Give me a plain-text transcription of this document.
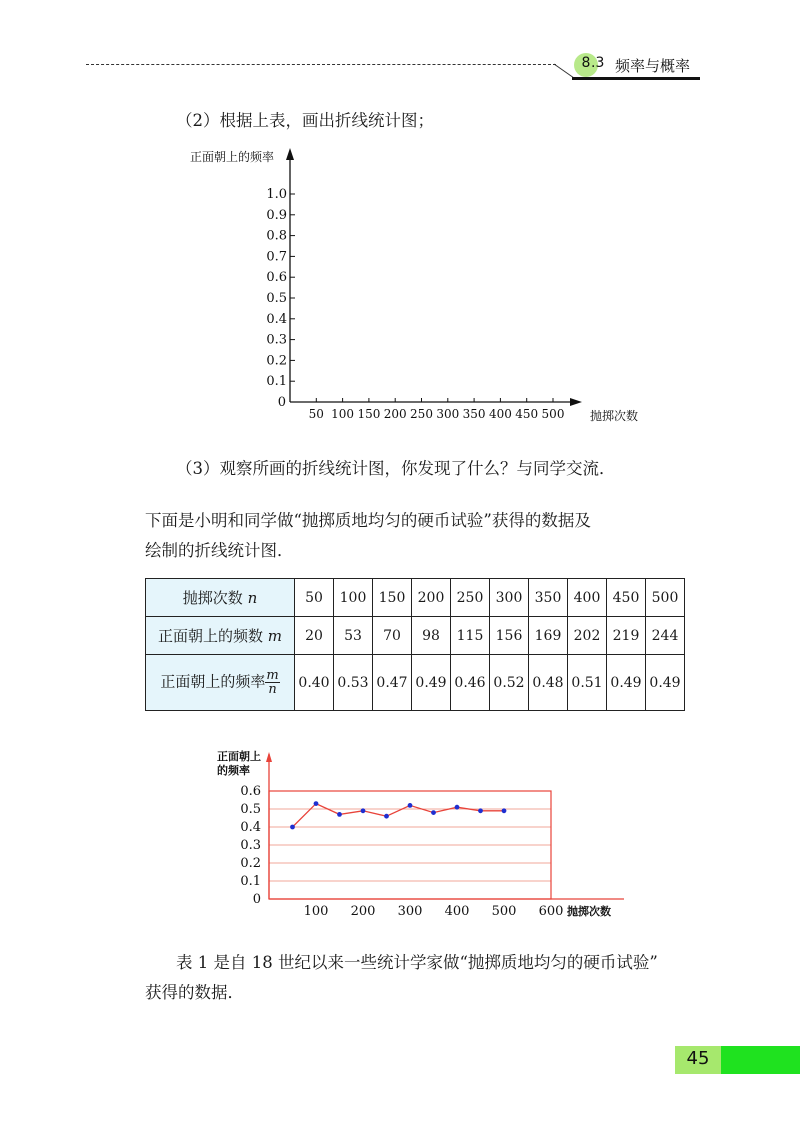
8 .3 频率与概率
（2）根据上表，画出折线统计图；
0
0.1
0.2
0.3
0.4
0.5
0.6
0.7
0.8
0.9
1.0
50 100 150 200 250 300 350 400 450 500
正面朝上的频率
抛掷次数
（3）观察所画的折线统计图，你发现了什么？与同学交流．
下面是小明和同学做“抛掷质地均匀的硬币试验”获得的数据及
绘制的折线统计图．
抛掷次数 n	50	100	150	200	250	300	350	400	450	500
正面朝上的频数 m	20	53	70	98	115	156	169	202	219	244
正面朝上的频率 $\frac{m}{n}$	0.40	0.53	0.47	0.49	0.46	0.52	0.48	0.51	0.49	0.49
0
0.1
0.2
0.3
0.4
0.5
0.6
100 200 300 400 500 600
正面朝上
的频率
抛掷次数
表 1 是自 18 世纪以来一些统计学家做“抛掷质地均匀的硬币试验”
获得的数据．
45
